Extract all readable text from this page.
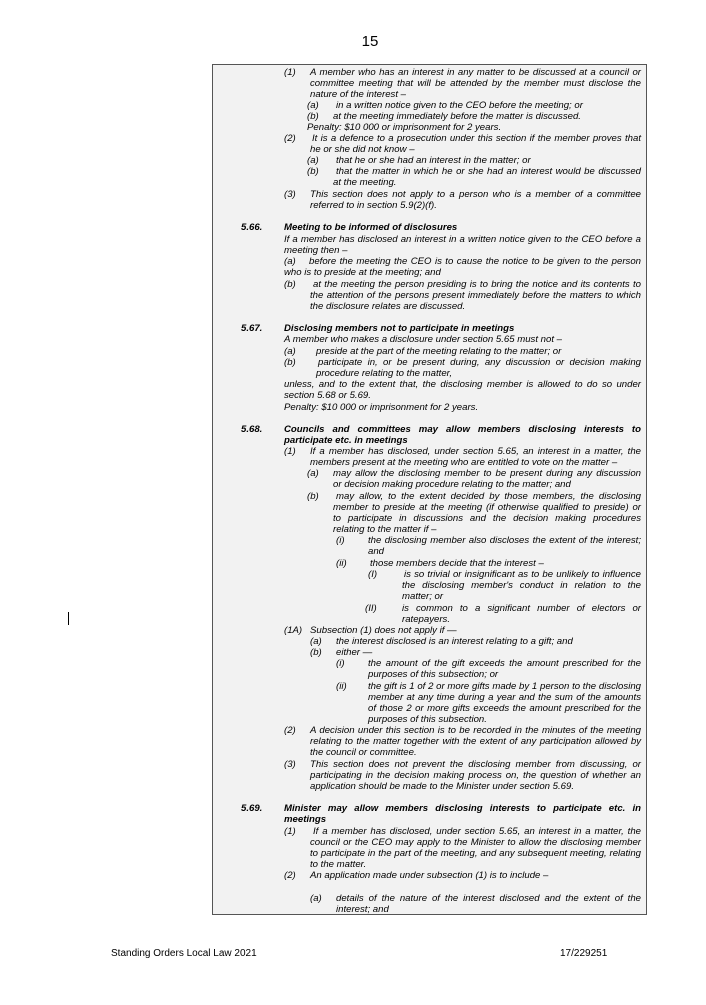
15
(1) A member who has an interest in any matter to be discussed at a council or
committee meeting that will be attended by the member must disclose the
nature of the interest –
(a) in a written notice given to the CEO before the meeting; or
(b) at the meeting immediately before the matter is discussed.
Penalty: $10 000 or imprisonment for 2 years.
(2) It is a defence to a prosecution under this section if the member proves that
he or she did not know –
(a) that he or she had an interest in the matter; or
(b) that the matter in which he or she had an interest would be discussed
at the meeting.
(3) This section does not apply to a person who is a member of a committee
referred to in section 5.9(2)(f).
5.66. Meeting to be informed of disclosures
If a member has disclosed an interest in a written notice given to the CEO before a
meeting then –
(a) before the meeting the CEO is to cause the notice to be given to the person
who is to preside at the meeting; and
(b) at the meeting the person presiding is to bring the notice and its contents to
the attention of the persons present immediately before the matters to which
the disclosure relates are discussed.
5.67. Disclosing members not to participate in meetings
A member who makes a disclosure under section 5.65 must not –
(a) preside at the part of the meeting relating to the matter; or
(b) participate in, or be present during, any discussion or decision making
procedure relating to the matter,
unless, and to the extent that, the disclosing member is allowed to do so under
section 5.68 or 5.69.
Penalty: $10 000 or imprisonment for 2 years.
5.68. Councils and committees may allow members disclosing interests to
participate etc. in meetings
(1) If a member has disclosed, under section 5.65, an interest in a matter, the
members present at the meeting who are entitled to vote on the matter –
(a) may allow the disclosing member to be present during any discussion
or decision making procedure relating to the matter; and
(b) may allow, to the extent decided by those members, the disclosing
member to preside at the meeting (if otherwise qualified to preside) or
to participate in discussions and the decision making procedures
relating to the matter if –
(i) the disclosing member also discloses the extent of the interest;
and
(ii) those members decide that the interest –
(I)	is so trivial or insignificant as to be unlikely to influence
the disclosing member's conduct in relation to the
matter; or
(II)	is common to a significant number of electors or
ratepayers.
(1A) Subsection (1) does not apply if —
(a) the interest disclosed is an interest relating to a gift; and
(b) either —
(i) the amount of the gift exceeds the amount prescribed for the
purposes of this subsection; or
(ii) the gift is 1 of 2 or more gifts made by 1 person to the disclosing
member at any time during a year and the sum of the amounts
of those 2 or more gifts exceeds the amount prescribed for the
purposes of this subsection.
(2) A decision under this section is to be recorded in the minutes of the meeting
relating to the matter together with the extent of any participation allowed by
the council or committee.
(3) This section does not prevent the disclosing member from discussing, or
participating in the decision making process on, the question of whether an
application should be made to the Minister under section 5.69.
5.69. Minister may allow members disclosing interests to participate etc. in
meetings
(1) If a member has disclosed, under section 5.65, an interest in a matter, the
council or the CEO may apply to the Minister to allow the disclosing member
to participate in the part of the meeting, and any subsequent meeting, relating
to the matter.
(2) An application made under subsection (1) is to include –
(a) details of the nature of the interest disclosed and the extent of the
interest; and
Standing Orders Local Law 2021	17/229251
